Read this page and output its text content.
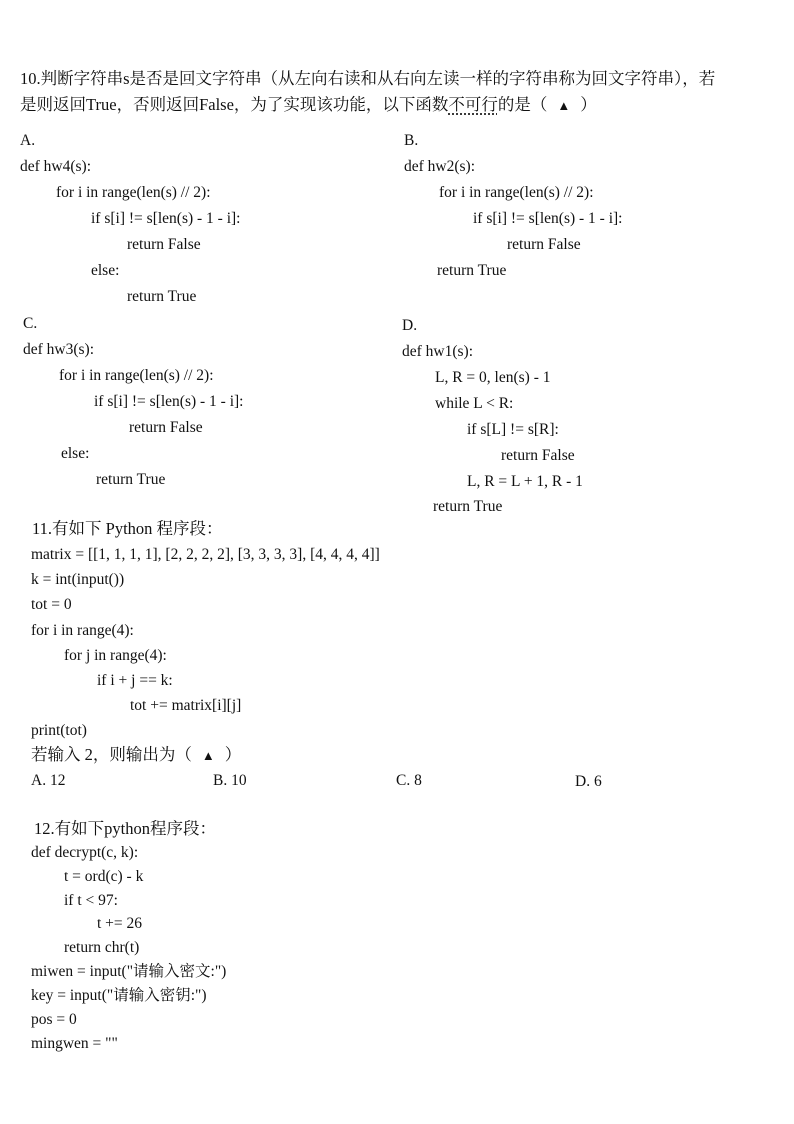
10.判断字符串s是否是回文字符串（从左向右读和从右向左读一样的字符串称为回文字符串），若
是则返回True，否则返回False，为了实现该功能，以下函数不可行的是（ ▲ ）
A.
def hw4(s):
for i in range(len(s) // 2):
if s[i] != s[len(s) - 1 - i]:
return False
else:
return True
B.
def hw2(s):
for i in range(len(s) // 2):
if s[i] != s[len(s) - 1 - i]:
return False
return True
C.
def hw3(s):
for i in range(len(s) // 2):
if s[i] != s[len(s) - 1 - i]:
return False
else:
return True
D.
def hw1(s):
L, R = 0, len(s) - 1
while L < R:
if s[L] != s[R]:
return False
L, R = L + 1, R - 1
return True
11.有如下 Python 程序段：
matrix = [[1, 1, 1, 1], [2, 2, 2, 2], [3, 3, 3, 3], [4, 4, 4, 4]]
k = int(input())
tot = 0
for i in range(4):
for j in range(4):
if i + j == k:
tot += matrix[i][j]
print(tot)
若输入 2，则输出为（ ▲ ）
A. 12	B. 10	C. 8	D. 6
12.有如下python程序段：
def decrypt(c, k):
t = ord(c) - k
if t < 97:
t += 26
return chr(t)
miwen = input("请输入密文:")
key = input("请输入密钥:")
pos = 0
mingwen = ""
